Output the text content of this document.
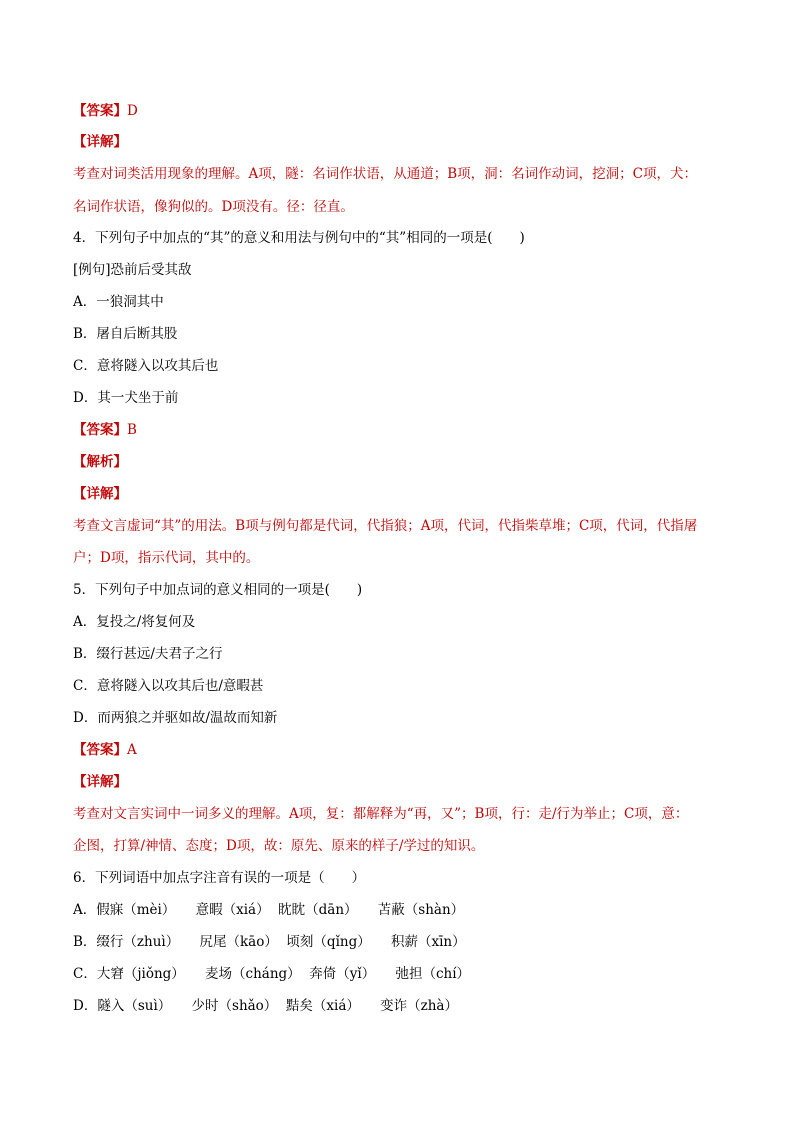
【答案】D
【详解】
考查对词类活用现象的理解。A项，隧：名词作状语，从通道；B项，洞：名词作动词，挖洞；C项，犬：
名词作状语，像狗似的。D项没有。径：径直。
4．下列句子中加点的“其”的意义和用法与例句中的“其”相同的一项是(　　)
[例句]恐前后受其敌
A．一狼洞其中
B．屠自后断其股
C．意将隧入以攻其后也
D．其一犬坐于前
【答案】B
【解析】
【详解】
考查文言虚词“其”的用法。B项与例句都是代词，代指狼；A项，代词，代指柴草堆；C项，代词，代指屠
户；D项，指示代词，其中的。
5．下列句子中加点词的意义相同的一项是(　　)
A．复投之/将复何及
B．缀行甚远/夫君子之行
C．意将隧入以攻其后也/意暇甚
D．而两狼之并驱如故/温故而知新
【答案】A
【详解】
考查对文言实词中一词多义的理解。A项，复：都解释为“再，又”；B项，行：走/行为举止；C项，意：
企图，打算/神情、态度；D项，故：原先、原来的样子/学过的知识。
6．下列词语中加点字注音有误的一项是（　　）
A．假寐（mèi）　　意暇（xiá）  眈眈（dān）　　苫蔽（shàn）
B．缀行（zhuì）　　尻尾（kāo）  顷刻（qǐng）　　积薪（xīn）
C．大窘（jiǒng）　　麦场（cháng）  奔倚（yǐ）　　弛担（chí）
D．隧入（suì）　　少时（shǎo）  黠矣（xiá）　　变诈（zhà）
